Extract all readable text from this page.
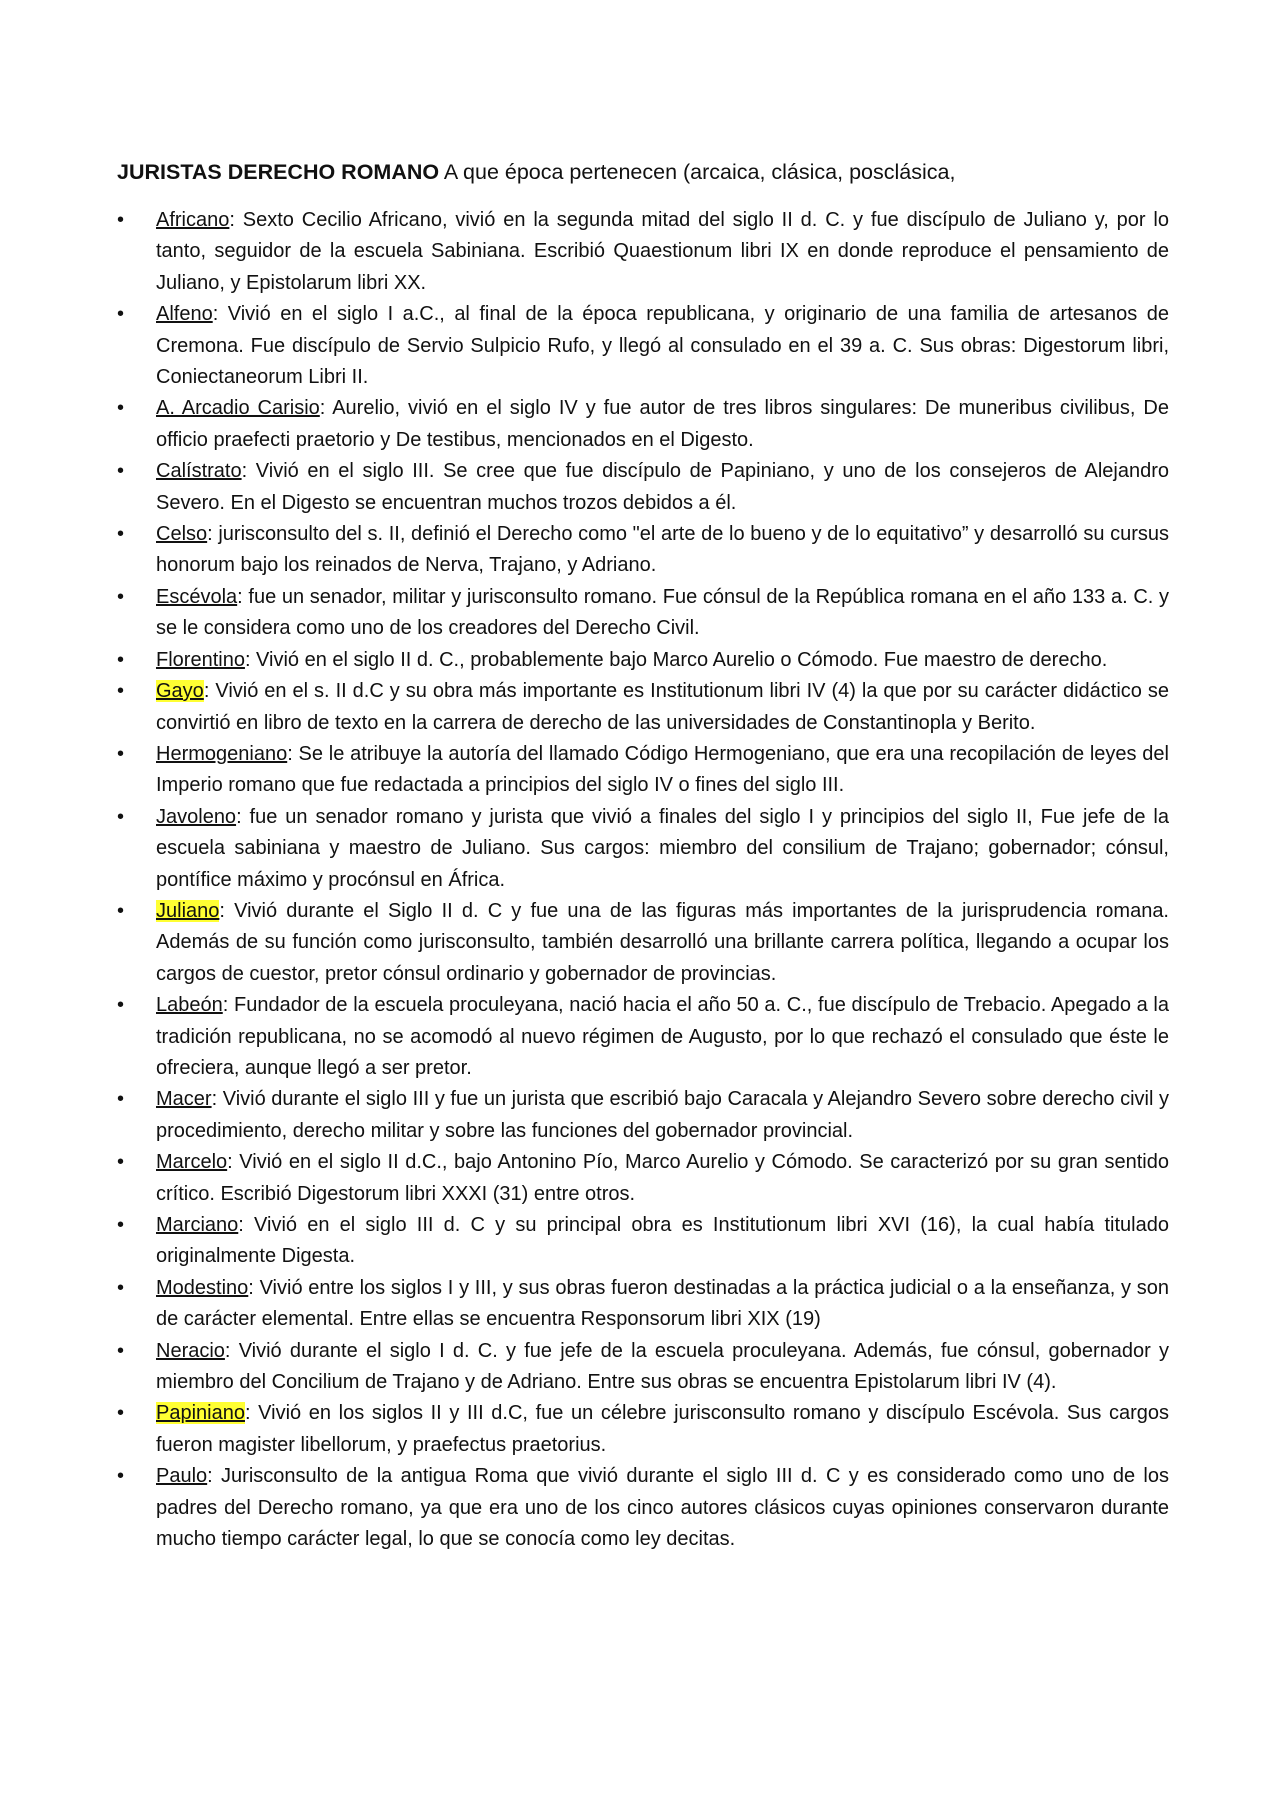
JURISTAS DERECHO ROMANO A que época pertenecen (arcaica, clásica, posclásica,
•	Africano: Sexto Cecilio Africano, vivió en la segunda mitad del siglo II d. C. y fue discípulo de Juliano y, por lo tanto, seguidor de la escuela Sabiniana. Escribió Quaestionum libri IX en donde reproduce el pensamiento de Juliano, y Epistolarum libri XX.
•	Alfeno: Vivió en el siglo I a.C., al final de la época republicana, y originario de una familia de artesanos de Cremona. Fue discípulo de Servio Sulpicio Rufo, y llegó al consulado en el 39 a. C. Sus obras: Digestorum libri, Coniectaneorum Libri II.
•	A. Arcadio Carisio: Aurelio, vivió en el siglo IV y fue autor de tres libros singulares: De muneribus civilibus, De officio praefecti praetorio y De testibus, mencionados en el Digesto.
•	Calístrato: Vivió en el siglo III. Se cree que fue discípulo de Papiniano, y uno de los consejeros de Alejandro Severo. En el Digesto se encuentran muchos trozos debidos a él.
•	Celso: jurisconsulto del s. II, definió el Derecho como "el arte de lo bueno y de lo equitativo” y desarrolló su cursus honorum bajo los reinados de Nerva, Trajano, y Adriano.
•	Escévola: fue un senador, militar y jurisconsulto romano. Fue cónsul de la República romana en el año 133 a. C. y se le considera como uno de los creadores del Derecho Civil.
•	Florentino: Vivió en el siglo II d. C., probablemente bajo Marco Aurelio o Cómodo. Fue maestro de derecho.
•	Gayo: Vivió en el s. II d.C y su obra más importante es Institutionum libri IV (4) la que por su carácter didáctico se convirtió en libro de texto en la carrera de derecho de las universidades de Constantinopla y Berito.
•	Hermogeniano: Se le atribuye la autoría del llamado Código Hermogeniano, que era una recopilación de leyes del Imperio romano que fue redactada a principios del siglo IV o fines del siglo III.
•	Javoleno: fue un senador romano y jurista que vivió a finales del siglo I y principios del siglo II, Fue jefe de la escuela sabiniana y maestro de Juliano. Sus cargos: miembro del consilium de Trajano; gobernador; cónsul, pontífice máximo y procónsul en África.
•	Juliano: Vivió durante el Siglo II d. C y fue una de las figuras más importantes de la jurisprudencia romana. Además de su función como jurisconsulto, también desarrolló una brillante carrera política, llegando a ocupar los cargos de cuestor, pretor cónsul ordinario y gobernador de provincias.
•	Labeón: Fundador de la escuela proculeyana, nació hacia el año 50 a. C., fue discípulo de Trebacio. Apegado a la tradición republicana, no se acomodó al nuevo régimen de Augusto, por lo que rechazó el consulado que éste le ofreciera, aunque llegó a ser pretor.
•	Macer: Vivió durante el siglo III y fue un jurista que escribió bajo Caracala y Alejandro Severo sobre derecho civil y procedimiento, derecho militar y sobre las funciones del gobernador provincial.
•	Marcelo: Vivió en el siglo II d.C., bajo Antonino Pío, Marco Aurelio y Cómodo. Se caracterizó por su gran sentido crítico. Escribió Digestorum libri XXXI (31) entre otros.
•	Marciano: Vivió en el siglo III d. C y su principal obra es Institutionum libri XVI (16), la cual había titulado originalmente Digesta.
•	Modestino: Vivió entre los siglos I y III, y sus obras fueron destinadas a la práctica judicial o a la enseñanza, y son de carácter elemental. Entre ellas se encuentra Responsorum libri XIX (19)
•	Neracio: Vivió durante el siglo I d. C. y fue jefe de la escuela proculeyana. Además, fue cónsul, gobernador y miembro del Concilium de Trajano y de Adriano. Entre sus obras se encuentra Epistolarum libri IV (4).
•	Papiniano: Vivió en los siglos II y III d.C, fue un célebre jurisconsulto romano y discípulo Escévola. Sus cargos fueron magister libellorum, y praefectus praetorius.
•	Paulo: Jurisconsulto de la antigua Roma que vivió durante el siglo III d. C y es considerado como uno de los padres del Derecho romano, ya que era uno de los cinco autores clásicos cuyas opiniones conservaron durante mucho tiempo carácter legal, lo que se conocía como ley decitas.
